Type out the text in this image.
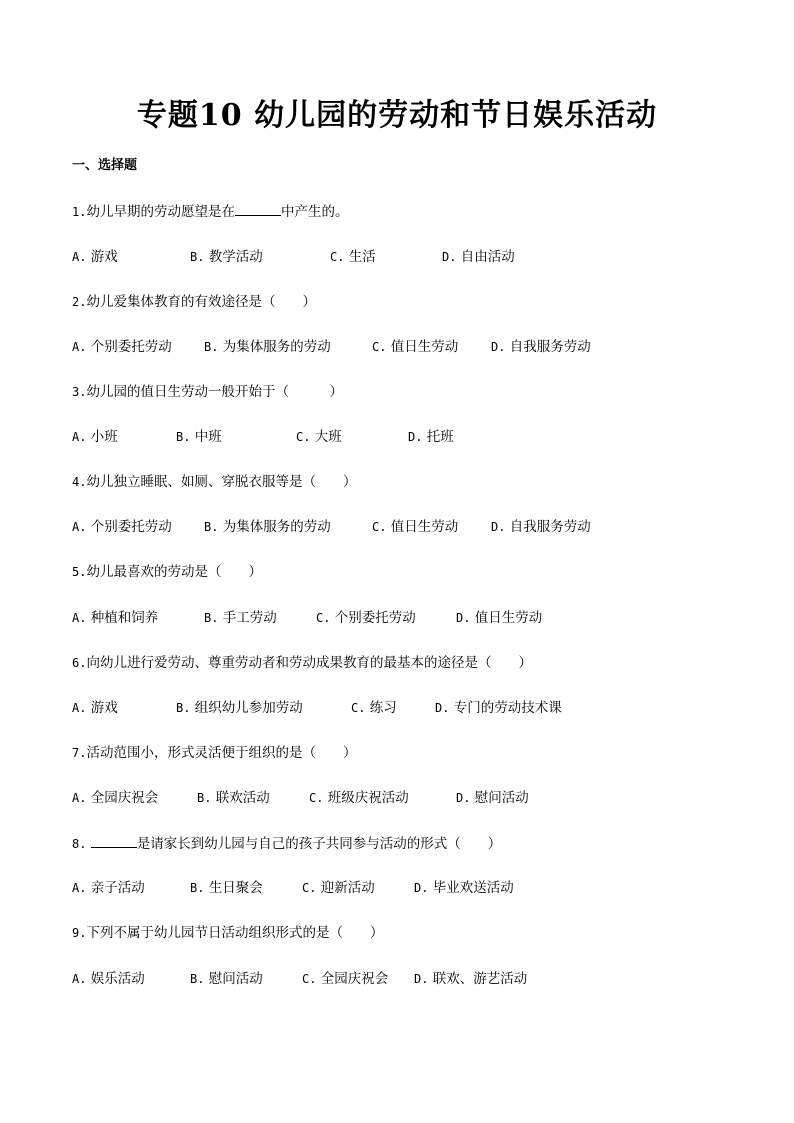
专题10 幼儿园的劳动和节日娱乐活动
一、选择题
1.幼儿早期的劳动愿望是在	中产生的。
A. 游戏	B. 教学活动	C. 生活	D. 自由活动
2.幼儿爱集体教育的有效途径是（　　）
A. 个别委托劳动	B. 为集体服务的劳动	C. 值日生劳动	D. 自我服务劳动
3.幼儿园的值日生劳动一般开始于（　　　）
A. 小班	B. 中班	C. 大班	D. 托班
4.幼儿独立睡眠、如厕、穿脱衣服等是（　　）
A. 个别委托劳动	B. 为集体服务的劳动	C. 值日生劳动	D. 自我服务劳动
5.幼儿最喜欢的劳动是（　　）
A. 种植和饲养	B. 手工劳动	C. 个别委托劳动	D. 值日生劳动
6.向幼儿进行爱劳动、尊重劳动者和劳动成果教育的最基本的途径是（　　）
A. 游戏	B. 组织幼儿参加劳动	C. 练习	D. 专门的劳动技术课
7.活动范围小，形式灵活便于组织的是（　　）
A. 全园庆祝会	B. 联欢活动	C. 班级庆祝活动	D. 慰问活动
8.	是请家长到幼儿园与自己的孩子共同参与活动的形式（　　）
A. 亲子活动	B. 生日聚会	C. 迎新活动	D. 毕业欢送活动
9.下列不属于幼儿园节日活动组织形式的是（　　）
A. 娱乐活动	B. 慰问活动	C. 全园庆祝会 D. 联欢、游艺活动
